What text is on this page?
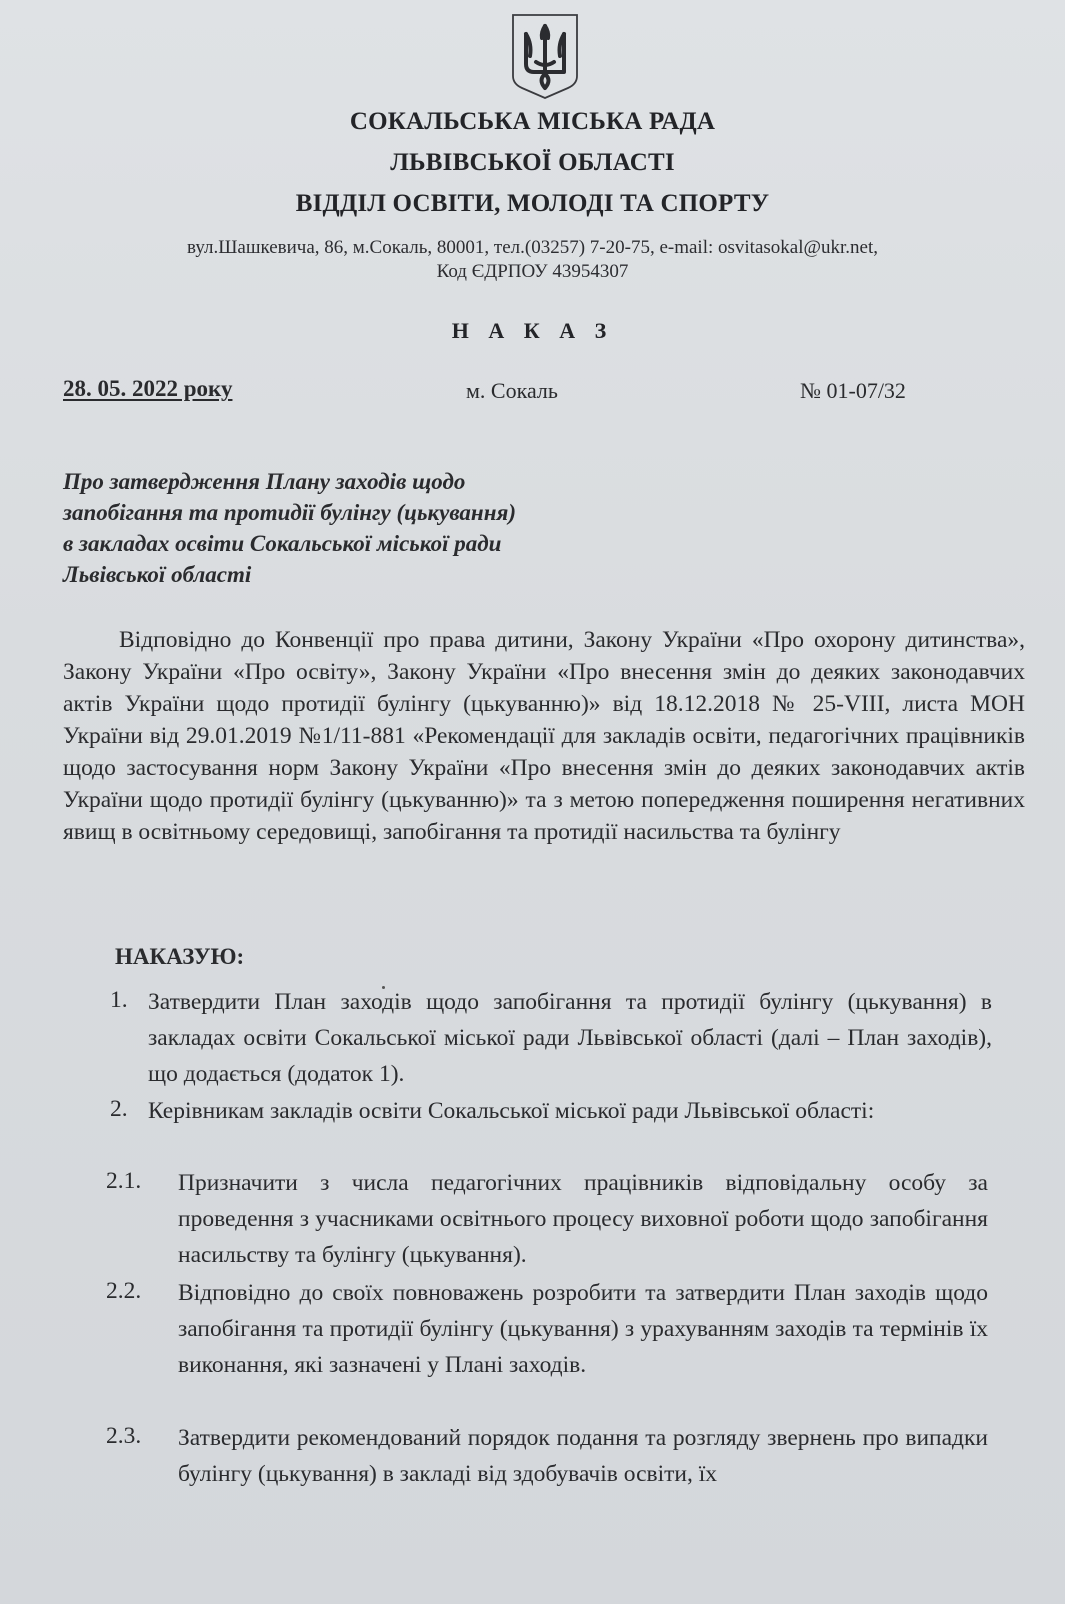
СОКАЛЬСЬКА МІСЬКА РАДА
ЛЬВІВСЬКОЇ ОБЛАСТІ
ВІДДІЛ ОСВІТИ, МОЛОДІ ТА СПОРТУ
вул.Шашкевича, 86, м.Сокаль, 80001, тел.(03257) 7-20-75, e-mail: osvitasokal@ukr.net,
Код ЄДРПОУ 43954307
Н А К А З
28. 05. 2022 року	м. Сокаль	№ 01-07/32
Про затвердження Плану заходів щодо
запобігання та протидії булінгу (цькування)
в закладах освіти Сокальської міської ради
Львівської області
Відповідно до Конвенції про права дитини, Закону України «Про охорону дитинства», Закону України «Про освіту», Закону України «Про внесення змін до деяких законодавчих актів України щодо протидії булінгу (цькуванню)» від 18.12.2018 № 25-VIII, листа МОН України від 29.01.2019 №1/11-881 «Рекомендації для закладів освіти, педагогічних працівників щодо застосування норм Закону України «Про внесення змін до деяких законодавчих актів України щодо протидії булінгу (цькуванню)» та з метою попередження поширення негативних явищ в освітньому середовищі, запобігання та протидії насильства та булінгу
НАКАЗУЮ:
1. Затвердити План заходів щодо запобігання та протидії булінгу (цькування) в закладах освіти Сокальської міської ради Львівської області (далі – План заходів), що додається (додаток 1).
2. Керівникам закладів освіти Сокальської міської ради Львівської області:
2.1. Призначити з числа педагогічних працівників відповідальну особу за проведення з учасниками освітнього процесу виховної роботи щодо запобігання насильству та булінгу (цькування).
2.2. Відповідно до своїх повноважень розробити та затвердити План заходів щодо запобігання та протидії булінгу (цькування) з урахуванням заходів та термінів їх виконання, які зазначені у Плані заходів.
2.3. Затвердити рекомендований порядок подання та розгляду звернень про випадки булінгу (цькування) в закладі від здобувачів освіти, їх
